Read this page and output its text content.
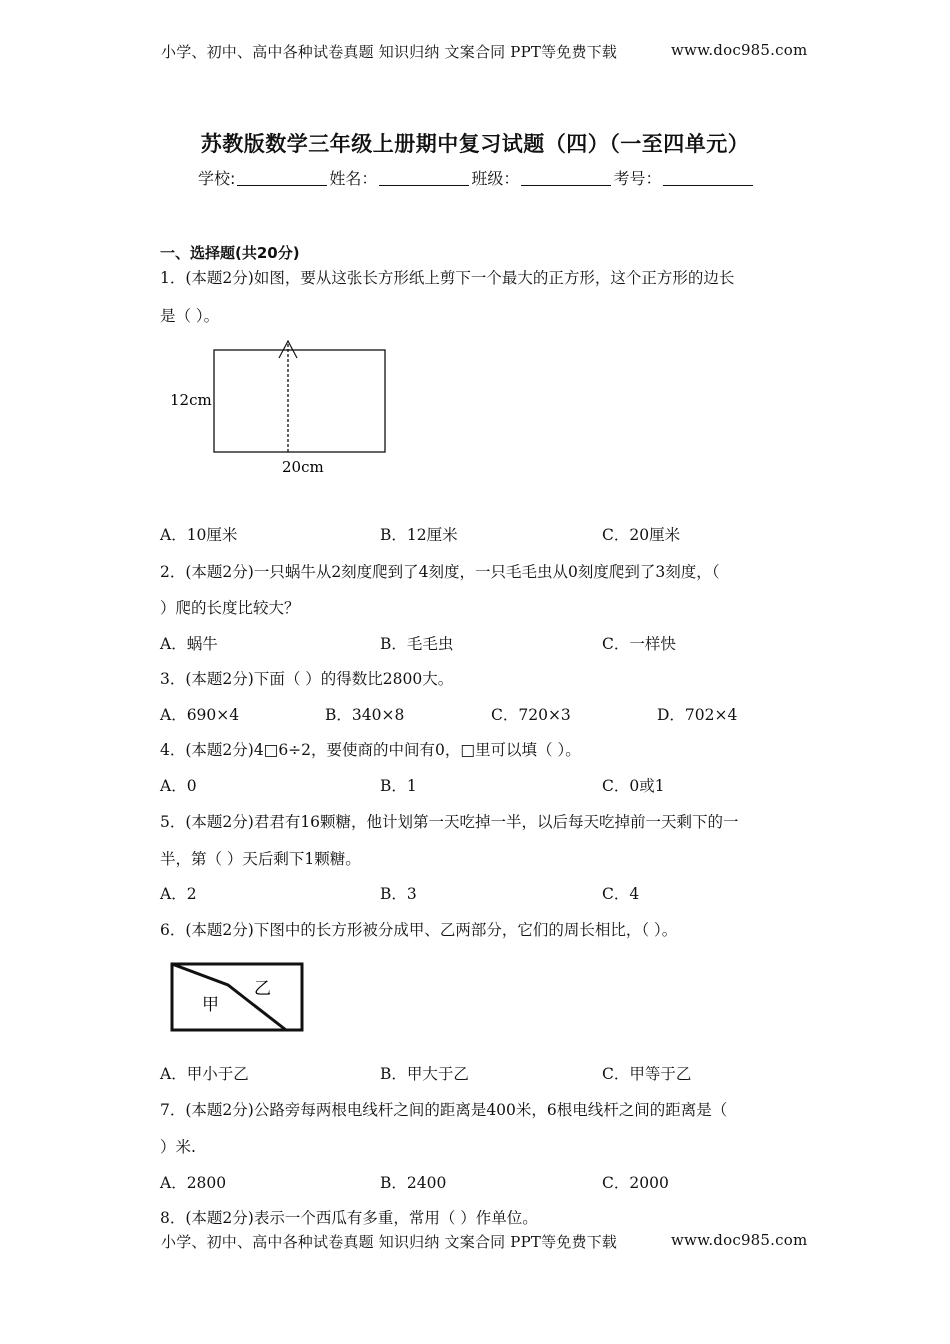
小学、初中、高中各种试卷真题 知识归纳 文案合同 PPT等免费下载	www.doc985.com
苏教版数学三年级上册期中复习试题（四）（一至四单元）
学校:	姓名：	班级：	考号：
一、选择题(共20分)
1．(本题2分)如图，要从这张长方形纸上剪下一个最大的正方形，这个正方形的边长
是（ ）。
12cm
20cm
A．10厘米	B．12厘米	C．20厘米
2．(本题2分)一只蜗牛从2刻度爬到了4刻度，一只毛毛虫从0刻度爬到了3刻度，（
）爬的长度比较大？
A．蜗牛	B．毛毛虫	C．一样快
3．(本题2分)下面（ ）的得数比2800大。
A．690×4	B．340×8	C．720×3	D．702×4
4．(本题2分)4□6÷2，要使商的中间有0，□里可以填（ ）。
A．0	B．1	C．0或1
5．(本题2分)君君有16颗糖，他计划第一天吃掉一半，以后每天吃掉前一天剩下的一
半，第（ ）天后剩下1颗糖。
A．2	B．3	C．4
6．(本题2分)下图中的长方形被分成甲、乙两部分，它们的周长相比，（ ）。
甲
乙
A．甲小于乙	B．甲大于乙	C．甲等于乙
7．(本题2分)公路旁每两根电线杆之间的距离是400米，6根电线杆之间的距离是（
）米.
A．2800	B．2400	C．2000
8．(本题2分)表示一个西瓜有多重，常用（ ）作单位。
小学、初中、高中各种试卷真题 知识归纳 文案合同 PPT等免费下载	www.doc985.com
